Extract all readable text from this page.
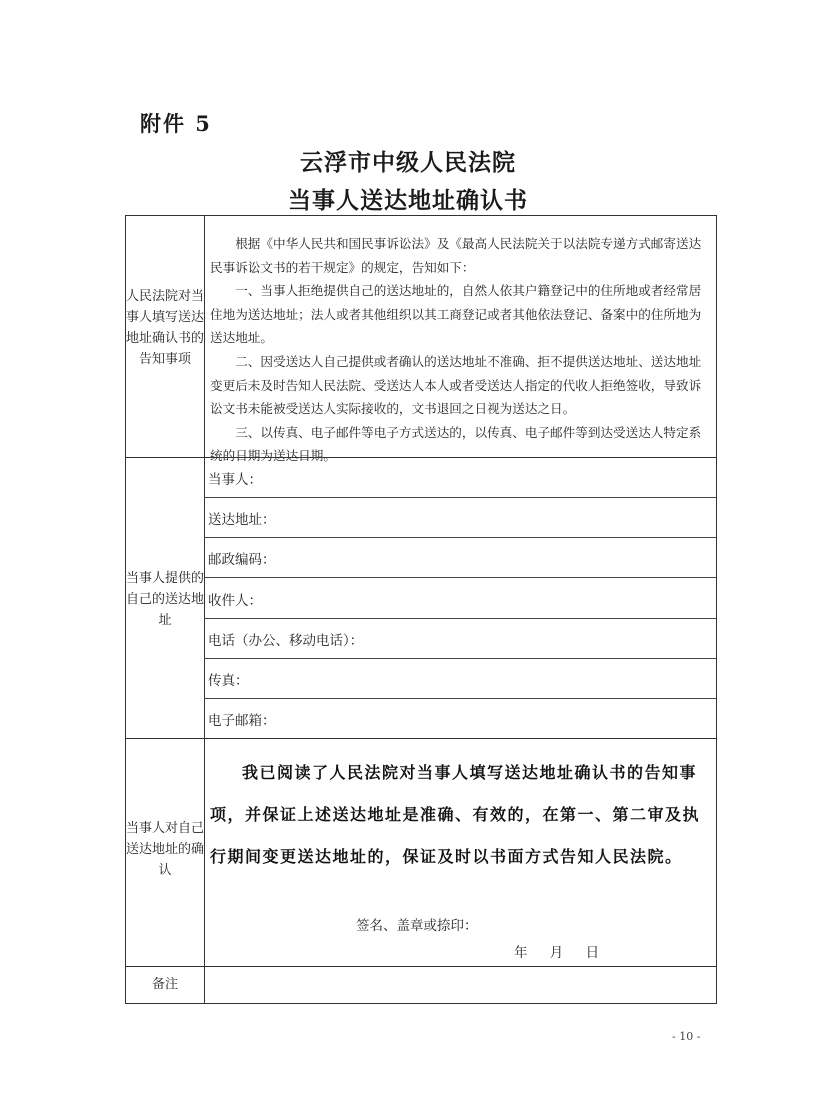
附件 5
云浮市中级人民法院
当事人送达地址确认书
人民法院对当事人填写送达地址确认书的告知事项

根据《中华人民共和国民事诉讼法》及《最高人民法院关于以法院专递方式邮寄送达民事诉讼文书的若干规定》的规定，告知如下：

一、当事人拒绝提供自己的送达地址的，自然人依其户籍登记中的住所地或者经常居住地为送达地址；法人或者其他组织以其工商登记或者其他依法登记、备案中的住所地为送达地址。

二、因受送达人自己提供或者确认的送达地址不准确、拒不提供送达地址、送达地址变更后未及时告知人民法院、受送达人本人或者受送达人指定的代收人拒绝签收，导致诉讼文书未能被受送达人实际接收的，文书退回之日视为送达之日。

三、以传真、电子邮件等电子方式送达的，以传真、电子邮件等到达受送达人特定系统的日期为送达日期。

当事人提供的自己的送达地址
当事人：
送达地址：
邮政编码：
收件人：
电话（办公、移动电话）：
传真：
电子邮箱：
当事人对自己送达地址的确认

我已阅读了人民法院对当事人填写送达地址确认书的告知事项，并保证上述送达地址是准确、有效的，在第一、第二审及执行期间变更送达地址的，保证及时以书面方式告知人民法院。

签名、盖章或捺印：
年 月 日
备注
- 10 -
